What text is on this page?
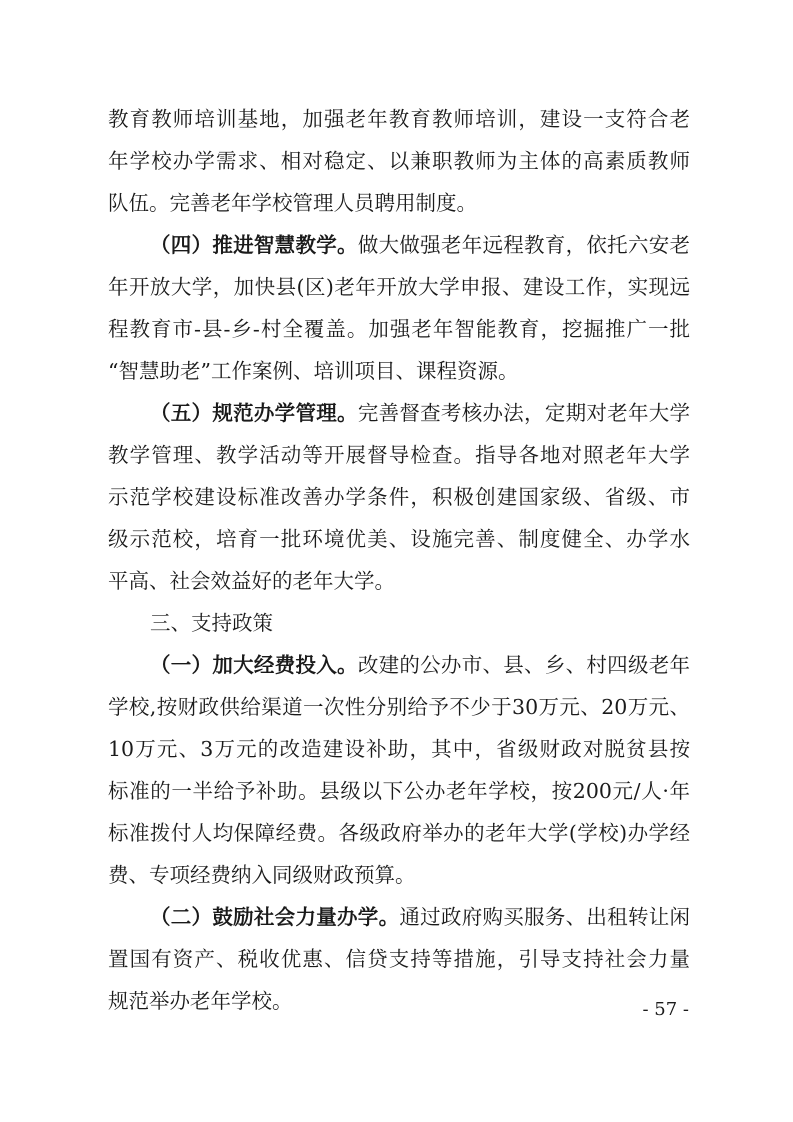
教育教师培训基地，加强老年教育教师培训，建设一支符合老
年学校办学需求、相对稳定、以兼职教师为主体的高素质教师
队伍。完善老年学校管理人员聘用制度。
（四）推进智慧教学。做大做强老年远程教育，依托六安老
年开放大学，加快县(区)老年开放大学申报、建设工作，实现远
程教育市-县-乡-村全覆盖。加强老年智能教育，挖掘推广一批
“智慧助老”工作案例、培训项目、课程资源。
（五）规范办学管理。完善督查考核办法，定期对老年大学
教学管理、教学活动等开展督导检查。指导各地对照老年大学
示范学校建设标准改善办学条件，积极创建国家级、省级、市
级示范校，培育一批环境优美、设施完善、制度健全、办学水
平高、社会效益好的老年大学。
三、支持政策
（一）加大经费投入。改建的公办市、县、乡、村四级老年
学校,按财政供给渠道一次性分别给予不少于30万元、20万元、
10万元、3万元的改造建设补助，其中，省级财政对脱贫县按
标准的一半给予补助。县级以下公办老年学校，按200元/人·年
标准拨付人均保障经费。各级政府举办的老年大学(学校)办学经
费、专项经费纳入同级财政预算。
（二）鼓励社会力量办学。通过政府购买服务、出租转让闲
置国有资产、税收优惠、信贷支持等措施，引导支持社会力量
规范举办老年学校。	- 57 -
